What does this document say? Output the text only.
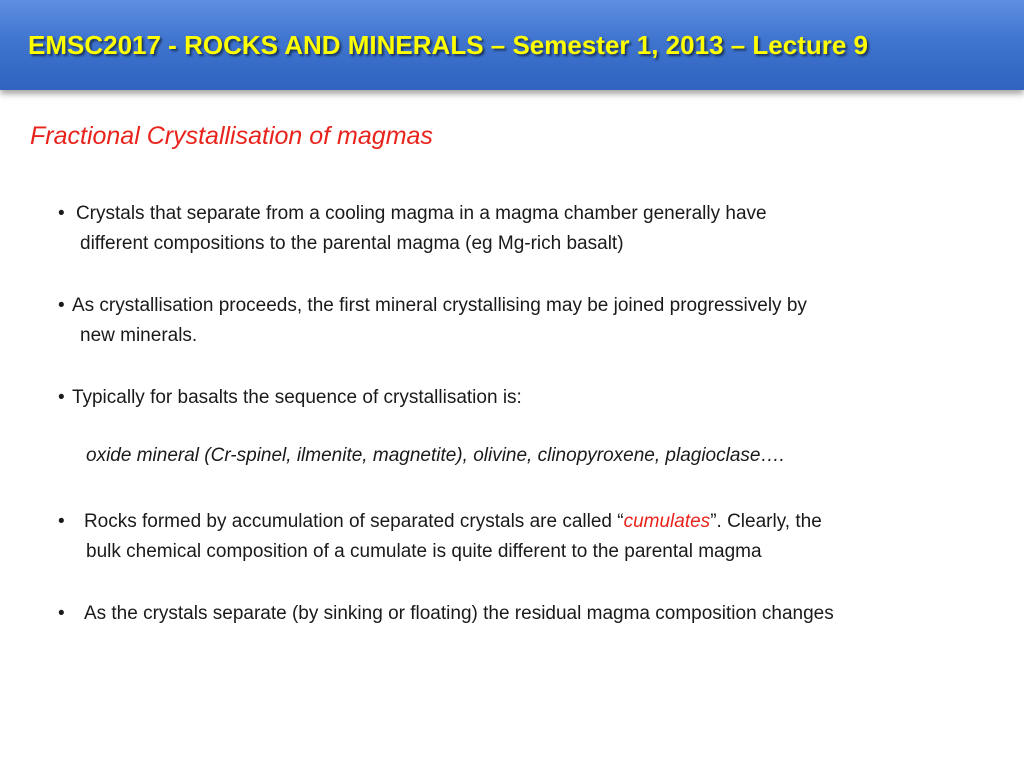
EMSC2017 - ROCKS AND MINERALS – Semester 1, 2013 – Lecture 9
Fractional Crystallisation of magmas
• Crystals that separate from a cooling magma in a magma chamber generally have
different compositions to the parental magma (eg Mg-rich basalt)
• As crystallisation proceeds, the first mineral crystallising may be joined progressively by
new minerals.
• Typically for basalts the sequence of crystallisation is:
oxide mineral (Cr-spinel, ilmenite, magnetite), olivine, clinopyroxene, plagioclase….
• Rocks formed by accumulation of separated crystals are called “cumulates”. Clearly, the
bulk chemical composition of a cumulate is quite different to the parental magma
• As the crystals separate (by sinking or floating) the residual magma composition changes
